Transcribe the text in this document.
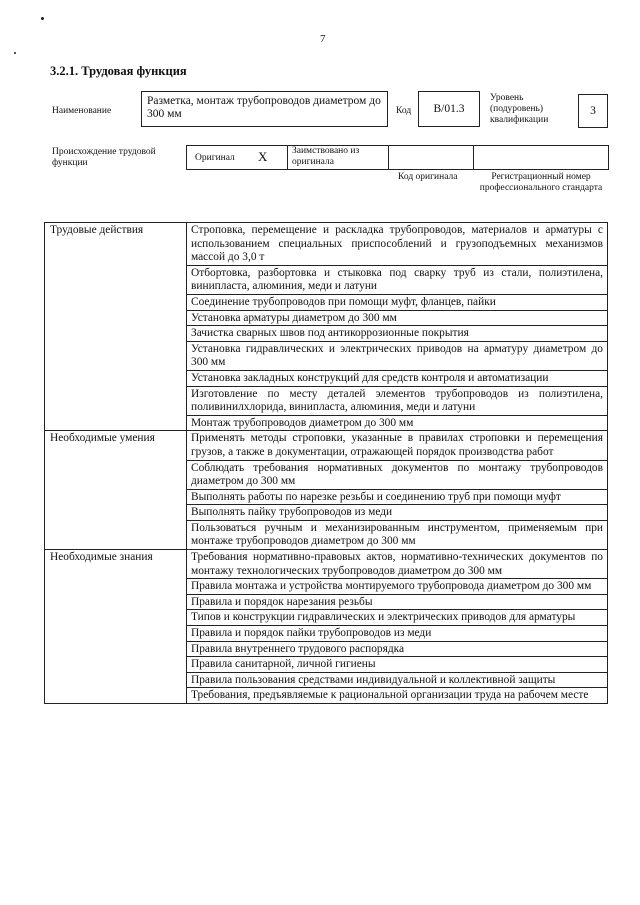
7
3.2.1. Трудовая функция
Наименование
Разметка, монтаж трубопроводов диаметром до 300 мм	Код В/01.3
Уровень (подуровень) квалификации
3
Происхождение трудовой функции	Оригинал X	Заимствовано из оригинала
Код оригинала	Регистрационный номер профессионального стандарта
Трудовые действия	Строповка, перемещение и раскладка трубопроводов, материалов и арматуры с использованием специальных приспособлений и грузоподъемных механизмов массой до 3,0 т
	Отбортовка, разбортовка и стыковка под сварку труб из стали, полиэтилена, винипласта, алюминия, меди и латуни
	Соединение трубопроводов при помощи муфт, фланцев, пайки
	Установка арматуры диаметром до 300 мм
	Зачистка сварных швов под антикоррозионные покрытия
	Установка гидравлических и электрических приводов на арматуру диаметром до 300 мм
	Установка закладных конструкций для средств контроля и автоматизации
	Изготовление по месту деталей элементов трубопроводов из полиэтилена, поливинилхлорида, винипласта, алюминия, меди и латуни
	Монтаж трубопроводов диаметром до 300 мм
Необходимые умения	Применять методы строповки, указанные в правилах строповки и перемещения грузов, а также в документации, отражающей порядок производства работ
	Соблюдать требования нормативных документов по монтажу трубопроводов диаметром до 300 мм
	Выполнять работы по нарезке резьбы и соединению труб при помощи муфт
	Выполнять пайку трубопроводов из меди
	Пользоваться ручным и механизированным инструментом, применяемым при монтаже трубопроводов диаметром до 300 мм
Необходимые знания	Требования нормативно-правовых актов, нормативно-технических документов по монтажу технологических трубопроводов диаметром до 300 мм
	Правила монтажа и устройства монтируемого трубопровода диаметром до 300 мм
	Правила и порядок нарезания резьбы
	Типов и конструкции гидравлических и электрических приводов для арматуры
	Правила и порядок пайки трубопроводов из меди
	Правила внутреннего трудового распорядка
	Правила санитарной, личной гигиены
	Правила пользования средствами индивидуальной и коллективной защиты
	Требования, предъявляемые к рациональной организации труда на рабочем месте
